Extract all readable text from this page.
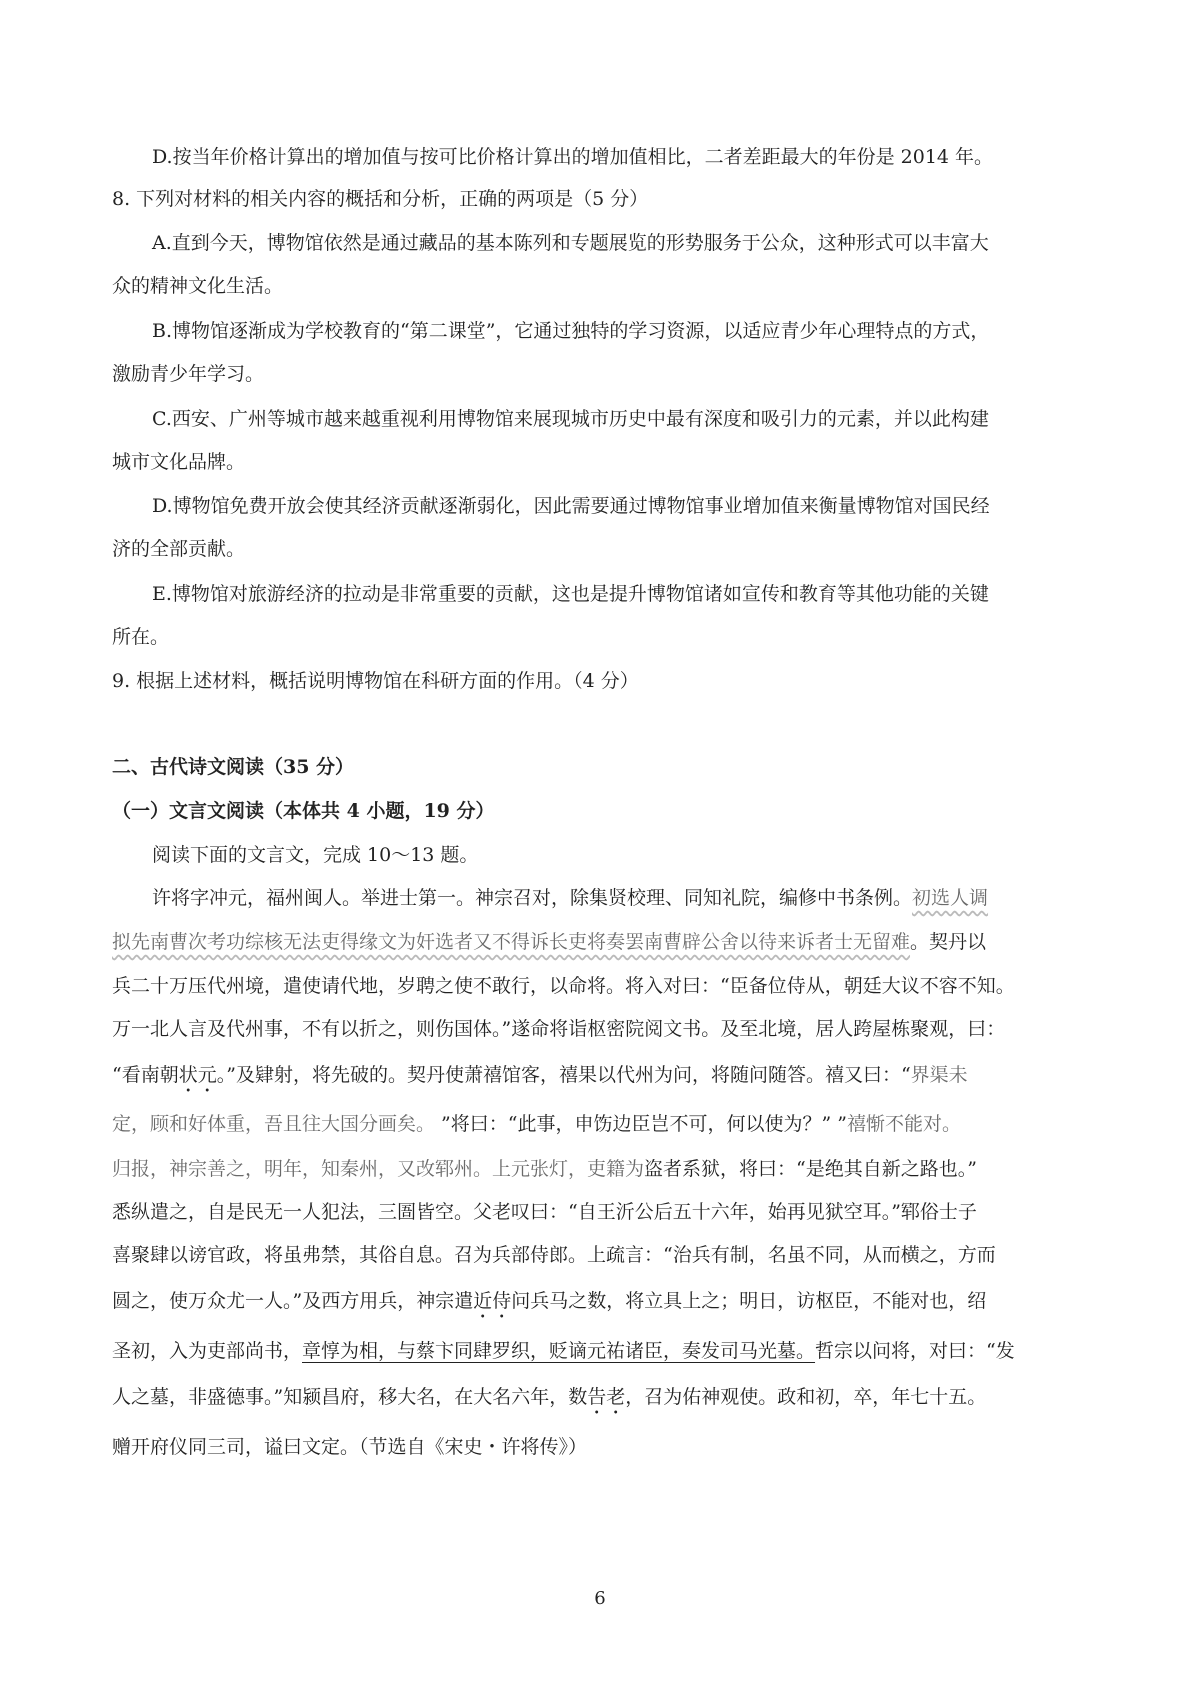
D.按当年价格计算出的增加值与按可比价格计算出的增加值相比，二者差距最大的年份是 2014 年。
8. 下列对材料的相关内容的概括和分析，正确的两项是（5 分）
A.直到今天，博物馆依然是通过藏品的基本陈列和专题展览的形势服务于公众，这种形式可以丰富大
众的精神文化生活。
B.博物馆逐渐成为学校教育的“第二课堂”，它通过独特的学习资源，以适应青少年心理特点的方式，
激励青少年学习。
C.西安、广州等城市越来越重视利用博物馆来展现城市历史中最有深度和吸引力的元素，并以此构建
城市文化品牌。
D.博物馆免费开放会使其经济贡献逐渐弱化，因此需要通过博物馆事业增加值来衡量博物馆对国民经
济的全部贡献。
E.博物馆对旅游经济的拉动是非常重要的贡献，这也是提升博物馆诸如宣传和教育等其他功能的关键
所在。
9. 根据上述材料，概括说明博物馆在科研方面的作用。（4 分）
二、古代诗文阅读（35 分）
（一）文言文阅读（本体共 4 小题，19 分）
阅读下面的文言文，完成 10～13 题。
许将字冲元，福州闽人。举进士第一。神宗召对，除集贤校理、同知礼院，编修中书条例。初选人调
拟先南曹次考功综核无法吏得缘文为奸选者又不得诉长吏将奏罢南曹辟公舍以待来诉者士无留难。契丹以
兵二十万压代州境，遣使请代地，岁聘之使不敢行，以命将。将入对曰：“臣备位侍从，朝廷大议不容不知。
万一北人言及代州事，不有以折之，则伤国体。”遂命将诣枢密院阅文书。及至北境，居人跨屋栋聚观，曰：
“看南朝状元。”及肄射，将先破的。契丹使萧禧馆客，禧果以代州为问，将随问随答。禧又曰：“界渠未
定，顾和好体重，吾且往大国分画矣。 ”将曰：“此事，申饬边臣岂不可，何以使为？” ”禧惭不能对。
归报，神宗善之，明年，知秦州，又改郓州。上元张灯，吏籍为盗者系狱，将曰：“是绝其自新之路也。”
悉纵遣之，自是民无一人犯法，三圄皆空。父老叹曰：“自王沂公后五十六年，始再见狱空耳。”郓俗士子
喜聚肆以谤官政，将虽弗禁，其俗自息。召为兵部侍郎。上疏言：“治兵有制，名虽不同，从而横之，方而
圆之，使万众尤一人。”及西方用兵，神宗遣近侍问兵马之数，将立具上之；明日，访枢臣，不能对也，绍
圣初，入为吏部尚书，章惇为相，与蔡卞同肆罗织，贬谪元祐诸臣，奏发司马光墓。哲宗以问将，对曰：“发
人之墓，非盛德事。”知颍昌府，移大名，在大名六年，数告老，召为佑神观使。政和初，卒，年七十五。
赠开府仪同三司，谥曰文定。（节选自《宋史・许将传》）
6
